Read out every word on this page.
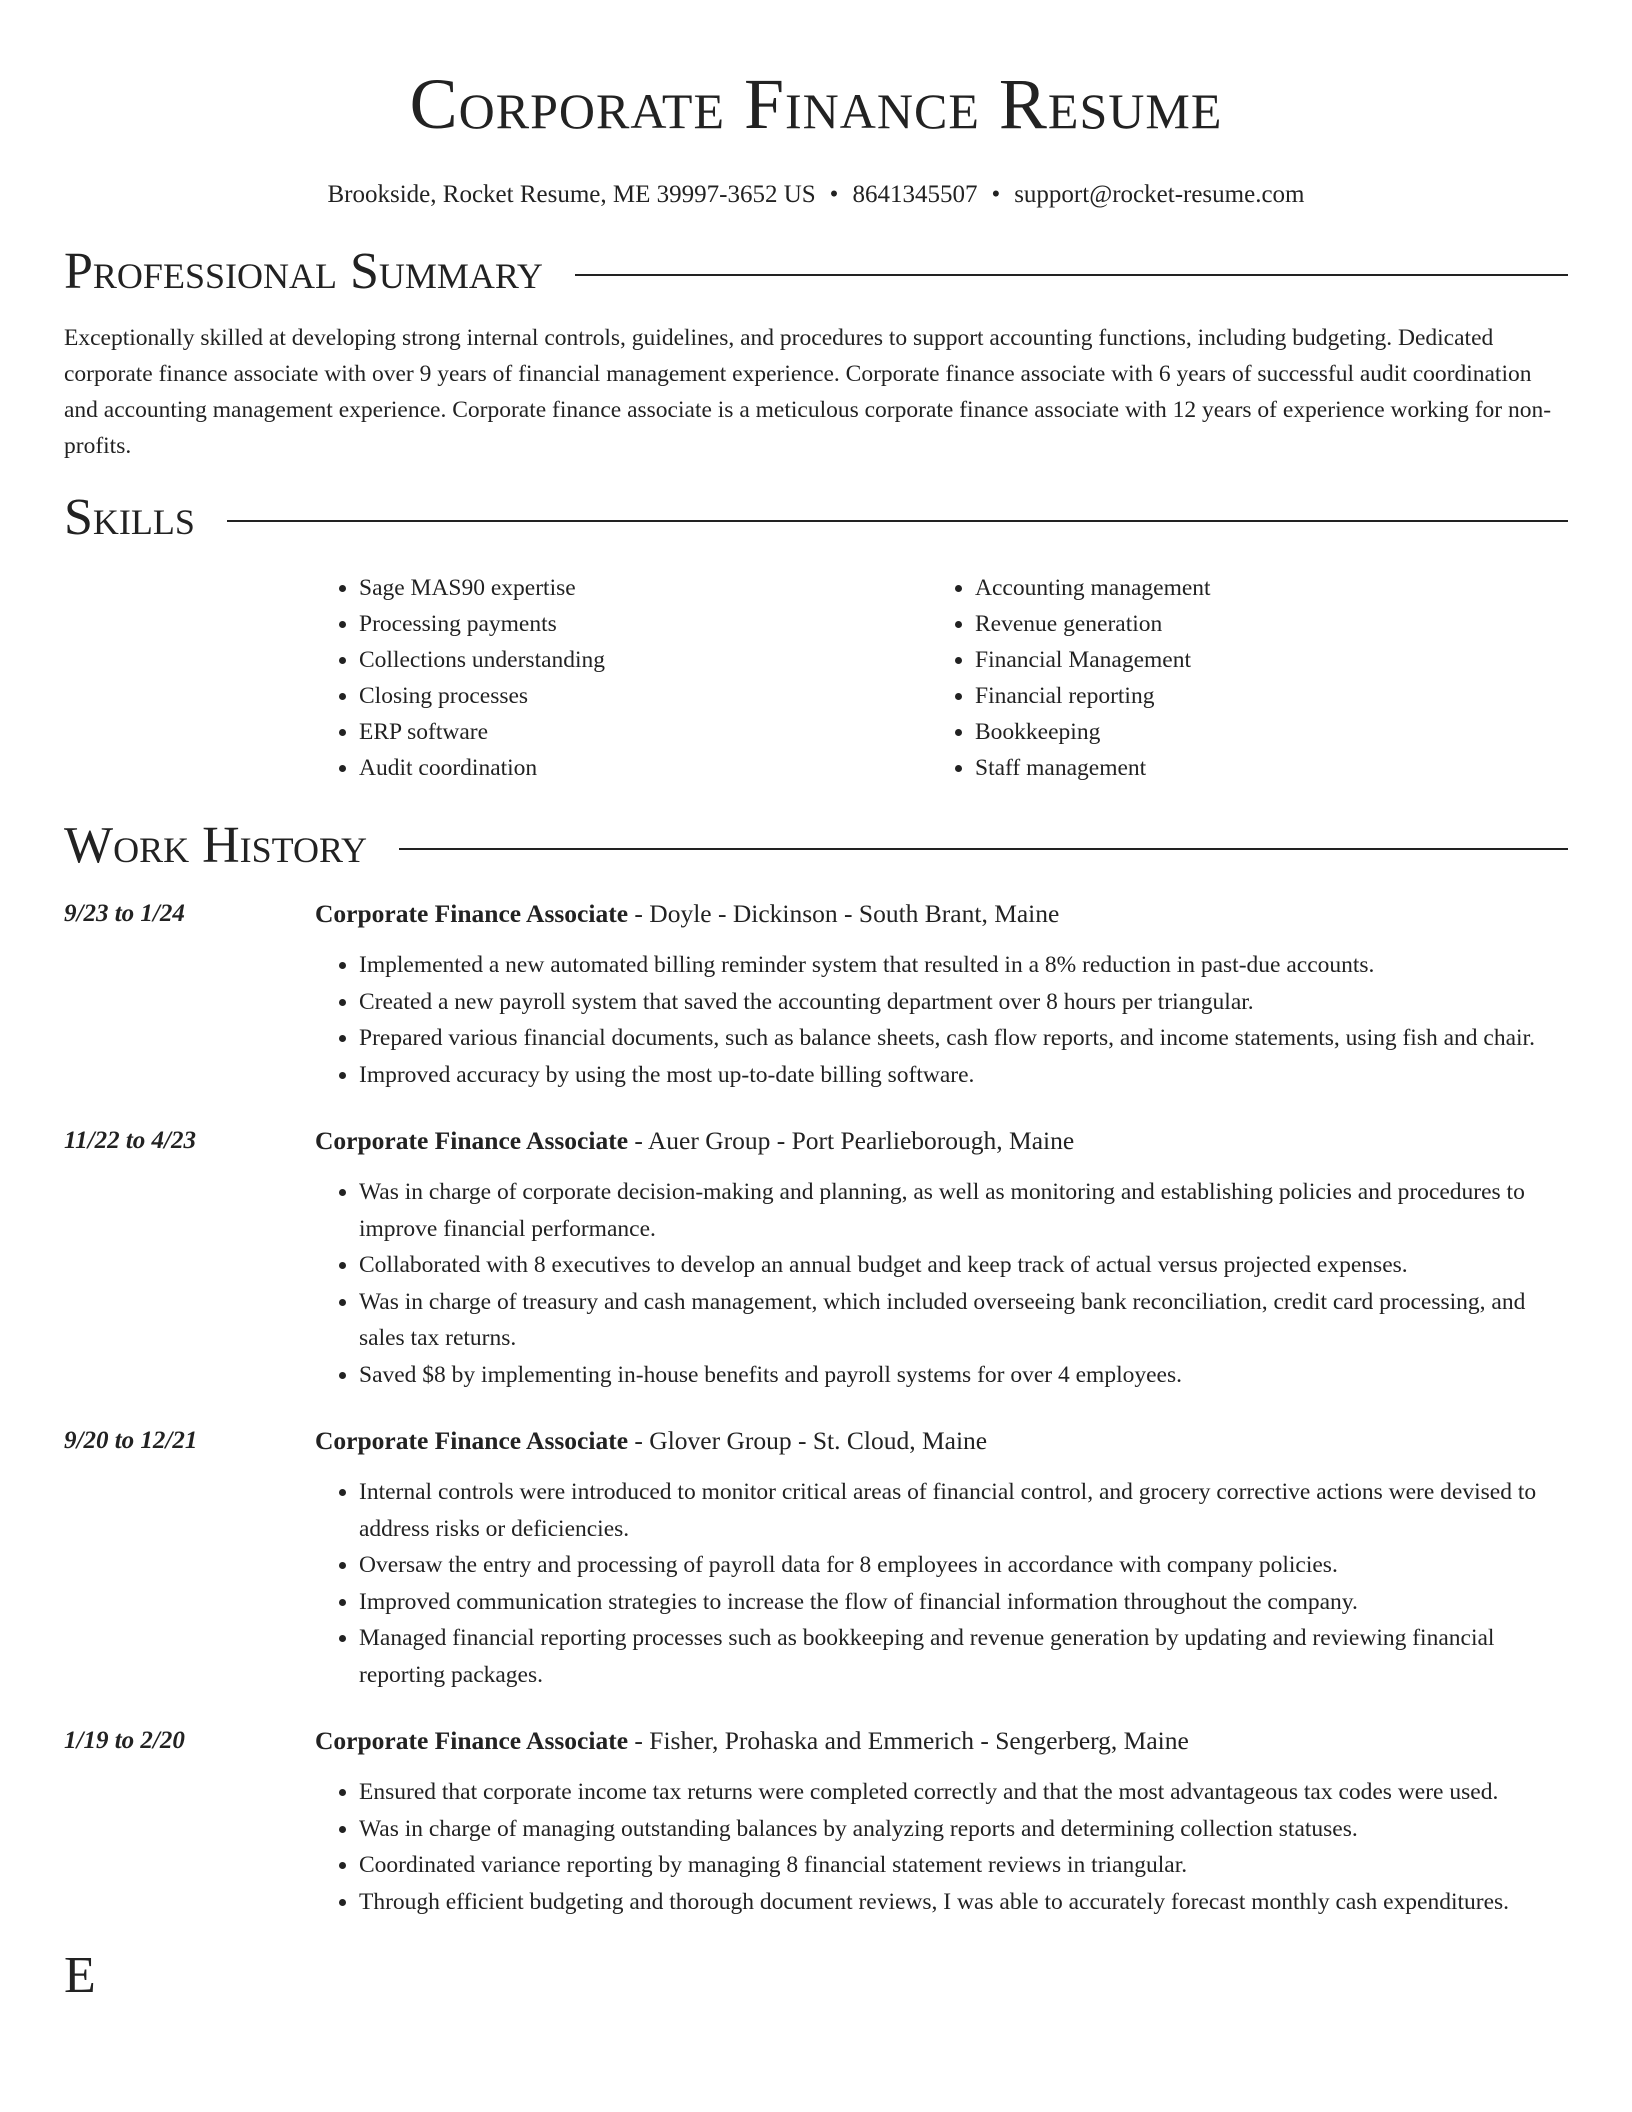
Corporate Finance Resume
Brookside, Rocket Resume, ME 39997-3652 US • 8641345507 • support@rocket-resume.com
Professional Summary

Exceptionally skilled at developing strong internal controls, guidelines, and procedures to support accounting functions, including budgeting. Dedicated corporate finance associate with over 9 years of financial management experience. Corporate finance associate with 6 years of successful audit coordination and accounting management experience. Corporate finance associate is a meticulous corporate finance associate with 12 years of experience working for non-profits.

Skills
• Sage MAS90 expertise
• Processing payments
• Collections understanding
• Closing processes
• ERP software
• Audit coordination
• Accounting management
• Revenue generation
• Financial Management
• Financial reporting
• Bookkeeping
• Staff management
Work History
9/23 to 1/24	Corporate Finance Associate - Doyle - Dickinson - South Brant, Maine
• Implemented a new automated billing reminder system that resulted in a 8% reduction in past-due accounts.
• Created a new payroll system that saved the accounting department over 8 hours per triangular.
• Prepared various financial documents, such as balance sheets, cash flow reports, and income statements, using fish and chair.
• Improved accuracy by using the most up-to-date billing software.
11/22 to 4/23	Corporate Finance Associate - Auer Group - Port Pearlieborough, Maine
• Was in charge of corporate decision-making and planning, as well as monitoring and establishing policies and procedures to improve financial performance.
• Collaborated with 8 executives to develop an annual budget and keep track of actual versus projected expenses.
• Was in charge of treasury and cash management, which included overseeing bank reconciliation, credit card processing, and sales tax returns.
• Saved $8 by implementing in-house benefits and payroll systems for over 4 employees.
9/20 to 12/21	Corporate Finance Associate - Glover Group - St. Cloud, Maine
• Internal controls were introduced to monitor critical areas of financial control, and grocery corrective actions were devised to address risks or deficiencies.
• Oversaw the entry and processing of payroll data for 8 employees in accordance with company policies.
• Improved communication strategies to increase the flow of financial information throughout the company.
• Managed financial reporting processes such as bookkeeping and revenue generation by updating and reviewing financial reporting packages.
1/19 to 2/20	Corporate Finance Associate - Fisher, Prohaska and Emmerich - Sengerberg, Maine
• Ensured that corporate income tax returns were completed correctly and that the most advantageous tax codes were used.
• Was in charge of managing outstanding balances by analyzing reports and determining collection statuses.
• Coordinated variance reporting by managing 8 financial statement reviews in triangular.
• Through efficient budgeting and thorough document reviews, I was able to accurately forecast monthly cash expenditures.
E
